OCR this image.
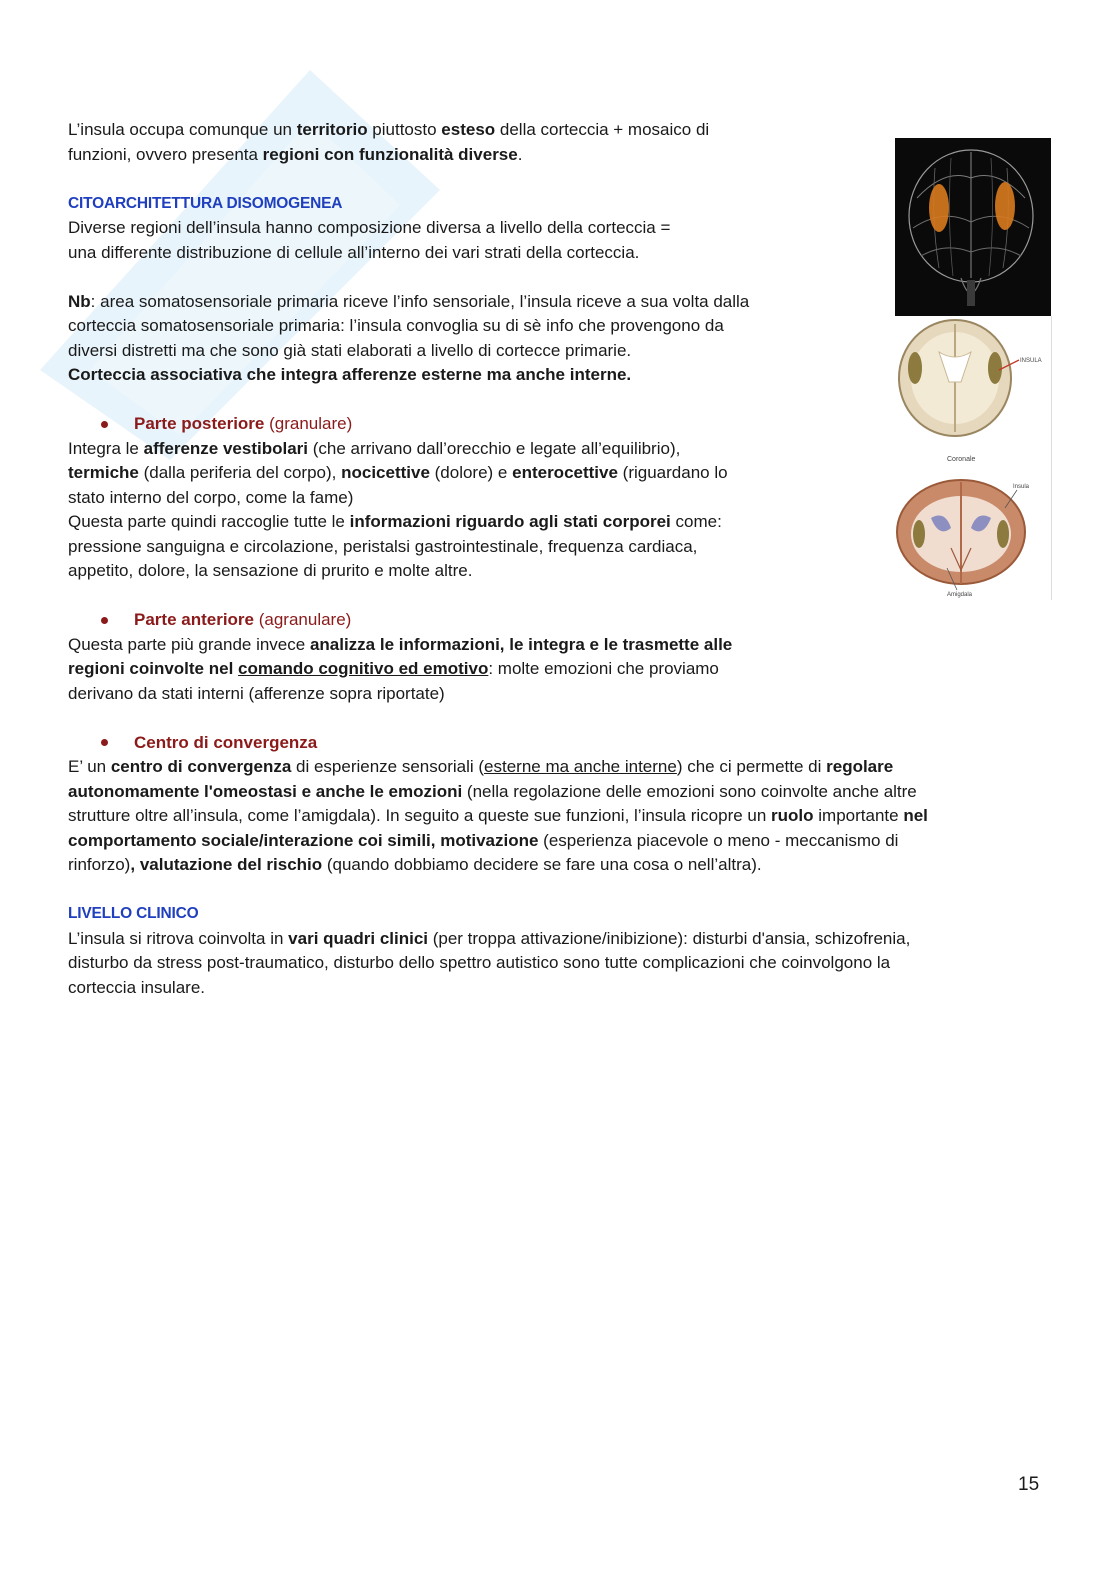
L’insula occupa comunque un territorio piuttosto esteso della corteccia + mosaico di

funzioni, ovvero presenta regioni con funzionalità diverse.

CITOARCHITETTURA DISOMOGENEA

Diverse regioni dell’insula hanno composizione diversa a livello della corteccia =

una differente distribuzione di cellule all’interno dei vari strati della corteccia.

Nb: area somatosensoriale primaria riceve l’info sensoriale, l’insula riceve a sua volta dalla

corteccia somatosensoriale primaria: l’insula convoglia su di sè info che provengono da

diversi distretti ma che sono già stati elaborati a livello di cortecce primarie.

Corteccia associativa che integra afferenze esterne ma anche interne.

Parte posteriore (granulare)

Integra le afferenze vestibolari (che arrivano dall’orecchio e legate all’equilibrio),

termiche (dalla periferia del corpo), nocicettive (dolore) e enterocettive (riguardano lo

stato interno del corpo, come la fame)

Questa parte quindi raccoglie tutte le informazioni riguardo agli stati corporei come:

pressione sanguigna e circolazione, peristalsi gastrointestinale, frequenza cardiaca,

appetito, dolore, la sensazione di prurito e molte altre.

Parte anteriore (agranulare)

Questa parte più grande invece analizza le informazioni, le integra e le trasmette alle

regioni coinvolte nel comando cognitivo ed emotivo: molte emozioni che proviamo

derivano da stati interni (afferenze sopra riportate)

Centro di convergenza

E’ un centro di convergenza di esperienze sensoriali (esterne ma anche interne) che ci permette di regolare

autonomamente l'omeostasi e anche le emozioni (nella regolazione delle emozioni sono coinvolte anche altre

strutture oltre all’insula, come l’amigdala). In seguito a queste sue funzioni, l’insula ricopre un ruolo importante nel

comportamento sociale/interazione coi simili, motivazione (esperienza piacevole o meno - meccanismo di

rinforzo), valutazione del rischio (quando dobbiamo decidere se fare una cosa o nell’altra).

LIVELLO CLINICO

L’insula si ritrova coinvolta in vari quadri clinici (per troppa attivazione/inibizione): disturbi d'ansia, schizofrenia,

disturbo da stress post-traumatico, disturbo dello spettro autistico sono tutte complicazioni che coinvolgono la

corteccia insulare.

INSULA
Coronale
Insula
Amigdala
15
